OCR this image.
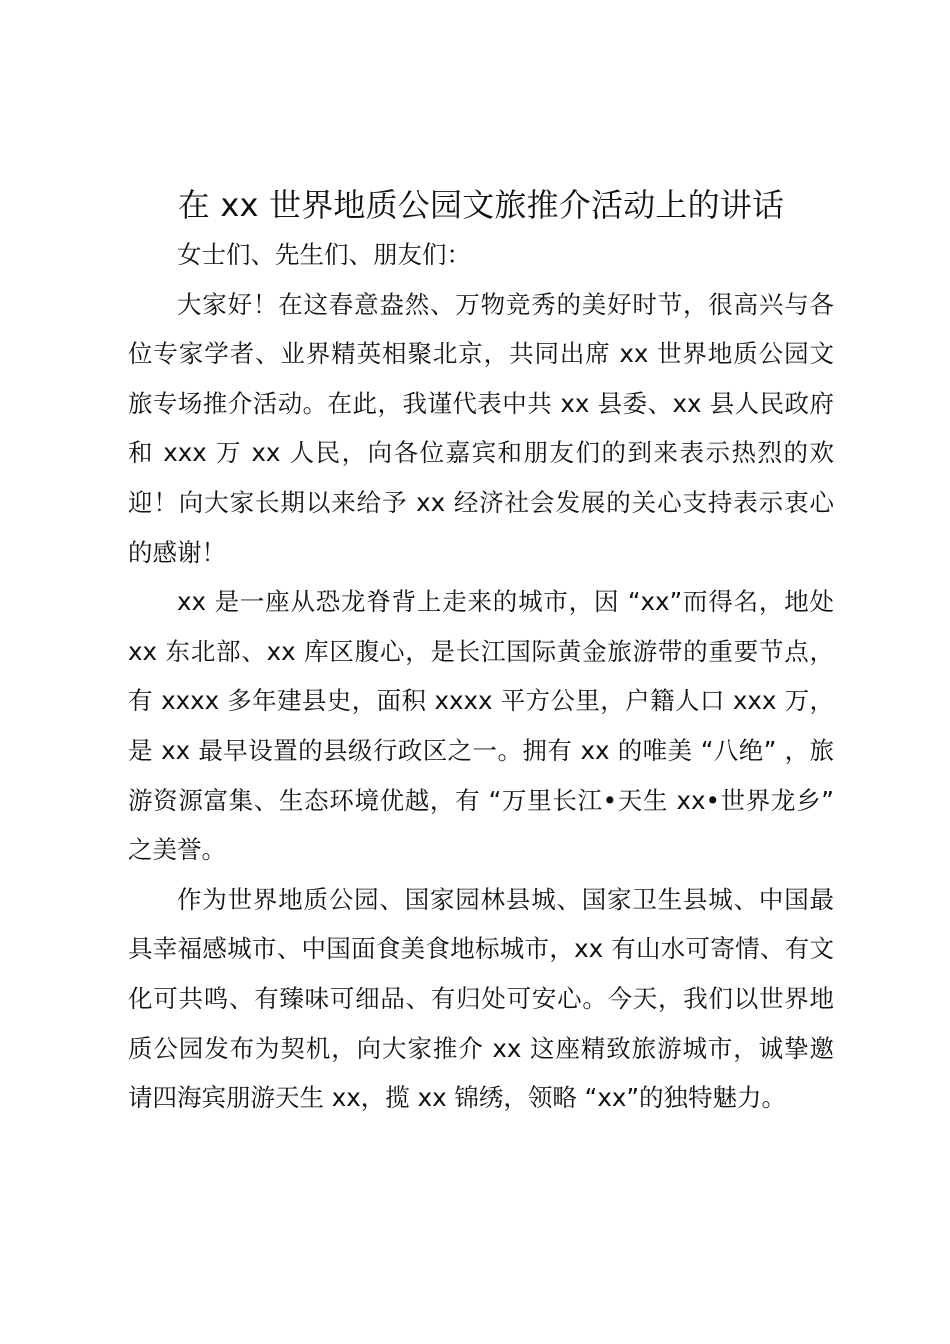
在 xx 世界地质公园文旅推介活动上的讲话

女士们、先生们、朋友们：

大家好！在这春意盎然、万物竞秀的美好时节，很高兴与各位专家学者、业界精英相聚北京，共同出席 xx 世界地质公园文旅专场推介活动。在此，我谨代表中共 xx 县委、xx 县人民政府和 xxx 万 xx 人民，向各位嘉宾和朋友们的到来表示热烈的欢迎！向大家长期以来给予 xx 经济社会发展的关心支持表示衷心的感谢！

xx 是一座从恐龙脊背上走来的城市，因 “xx”而得名，地处 xx 东北部、xx 库区腹心，是长江国际黄金旅游带的重要节点，有 xxxx 多年建县史，面积 xxxx 平方公里，户籍人口 xxx 万，是 xx 最早设置的县级行政区之一。拥有 xx 的唯美 “八绝” ，旅游资源富集、生态环境优越，有 “万里长江•天生 xx•世界龙乡” 之美誉。

作为世界地质公园、国家园林县城、国家卫生县城、中国最具幸福感城市、中国面食美食地标城市，xx 有山水可寄情、有文化可共鸣、有臻味可细品、有归处可安心。今天，我们以世界地质公园发布为契机，向大家推介 xx 这座精致旅游城市，诚挚邀请四海宾朋游天生 xx，揽 xx 锦绣，领略 “xx”的独特魅力。
